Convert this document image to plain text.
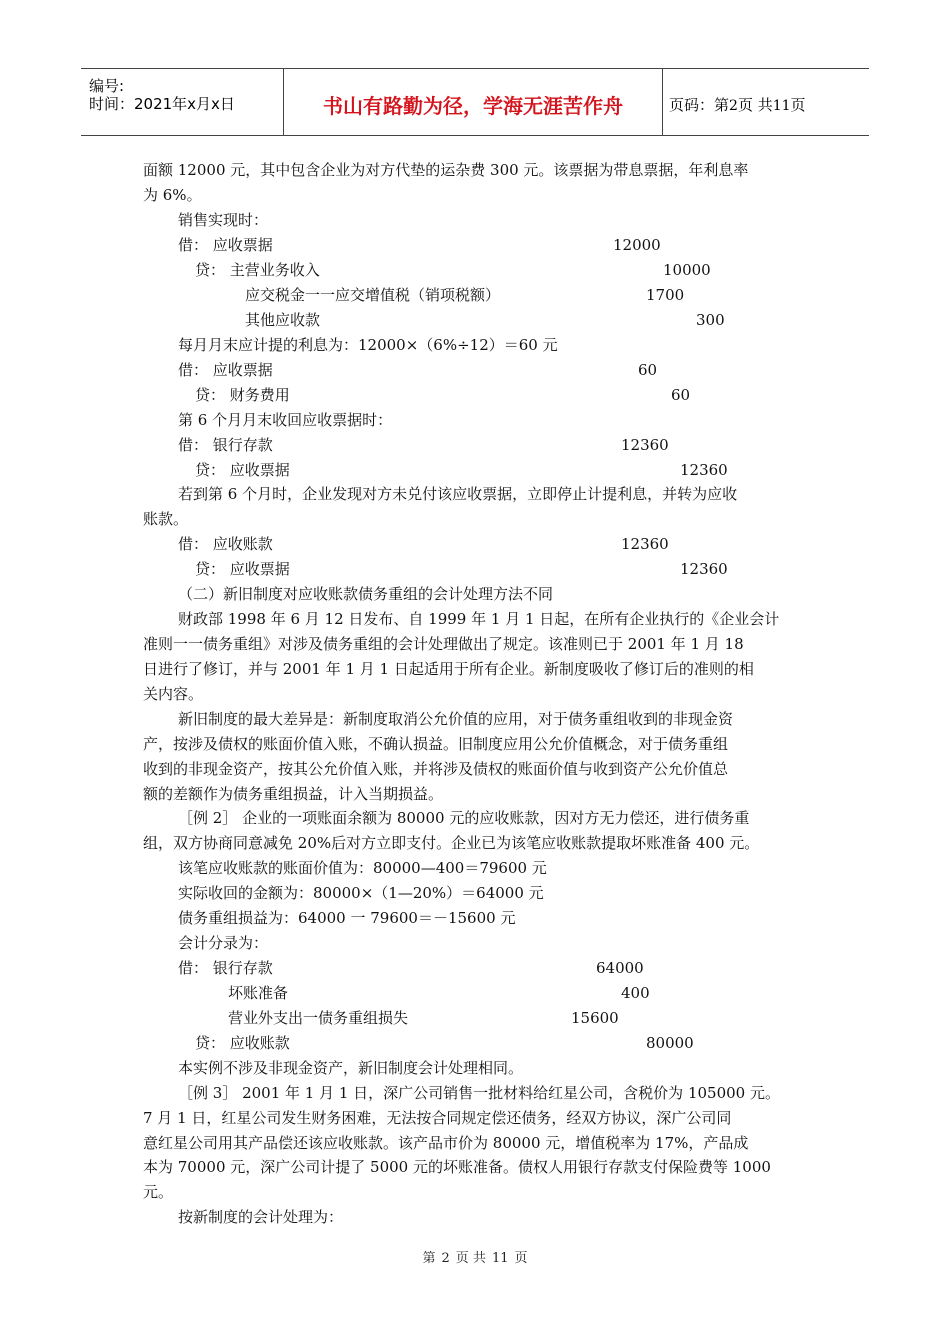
编号:
时间：2021年x月x日	书山有路勤为径，学海无涯苦作舟	页码：第2页 共11页
面额 12000 元，其中包含企业为对方代垫的运杂费 300 元。该票据为带息票据，年利息率
为 6%。
销售实现时：
借： 应收票据	12000
贷： 主营业务收入	10000
应交税金一一应交增值税（销项税额）	1700
其他应收款	300
每月月末应计提的利息为：12000×（6%÷12）＝60 元
借： 应收票据	60
贷： 财务费用	60
第 6 个月月末收回应收票据时：
借： 银行存款	12360
贷： 应收票据	12360
若到第 6 个月时，企业发现对方未兑付该应收票据，立即停止计提利息，并转为应收
账款。
借： 应收账款	12360
贷： 应收票据	12360
（二）新旧制度对应收账款债务重组的会计处理方法不同
财政部 1998 年 6 月 12 日发布、自 1999 年 1 月 1 日起，在所有企业执行的《企业会计
准则一一债务重组》对涉及债务重组的会计处理做出了规定。该准则已于 2001 年 1 月 18
日进行了修订，并与 2001 年 1 月 1 日起适用于所有企业。新制度吸收了修订后的准则的相
关内容。
新旧制度的最大差异是：新制度取消公允价值的应用，对于债务重组收到的非现金资
产，按涉及债权的账面价值入账，不确认损益。旧制度应用公允价值概念，对于债务重组
收到的非现金资产，按其公允价值入账，并将涉及债权的账面价值与收到资产公允价值总
额的差额作为债务重组损益，计入当期损益。
［例 2］ 企业的一项账面余额为 80000 元的应收账款，因对方无力偿还，进行债务重
组，双方协商同意减免 20%后对方立即支付。企业已为该笔应收账款提取坏账准备 400 元。
该笔应收账款的账面价值为：80000—400＝79600 元
实际收回的金额为：80000×（1—20%）＝64000 元
债务重组损益为：64000 一 79600＝－15600 元
会计分录为：
借： 银行存款	64000
坏账准备	400
营业外支出一债务重组损失	15600
贷： 应收账款	80000
本实例不涉及非现金资产，新旧制度会计处理相同。
［例 3］ 2001 年 1 月 1 日，深广公司销售一批材料给红星公司，含税价为 105000 元。
7 月 1 日，红星公司发生财务困难，无法按合同规定偿还债务，经双方协议，深广公司同
意红星公司用其产品偿还该应收账款。该产品市价为 80000 元，增值税率为 17%，产品成
本为 70000 元，深广公司计提了 5000 元的坏账准备。债权人用银行存款支付保险费等 1000
元。
按新制度的会计处理为：
第 2 页 共 11 页
